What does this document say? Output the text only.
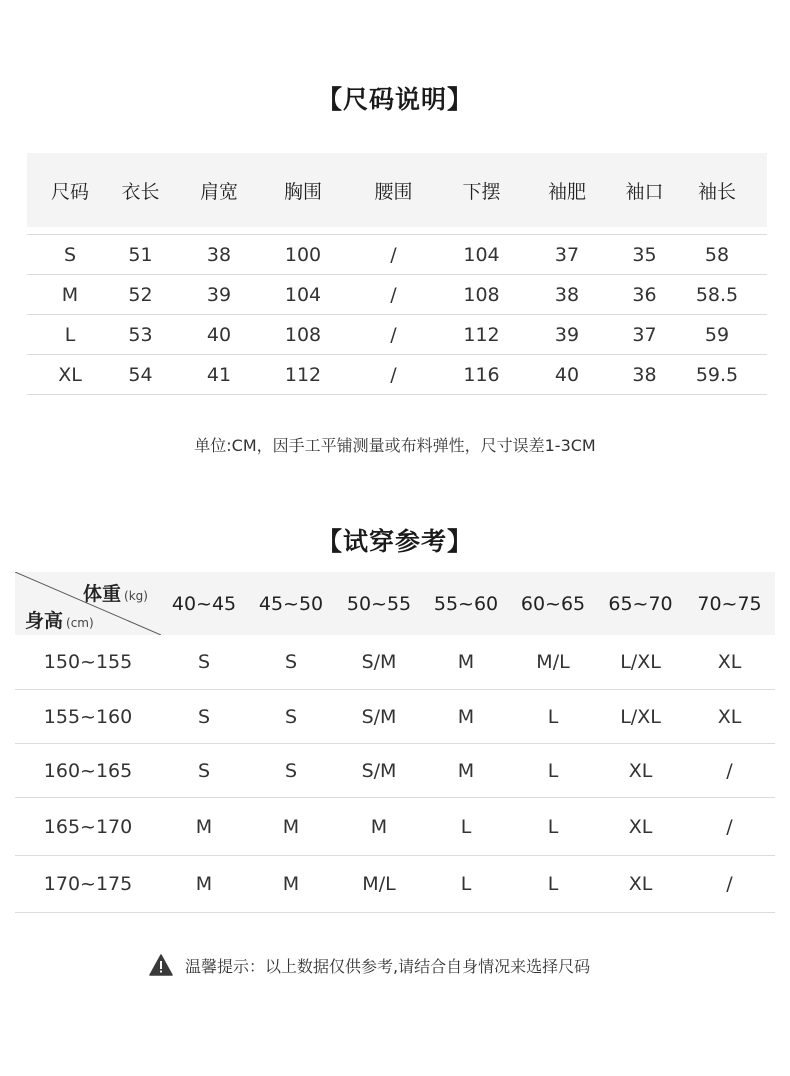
【尺码说明】
尺码	衣长	肩宽	胸围	腰围	下摆	袖肥	袖口	袖长
S	51	38	100	/	104	37	35	58
M	52	39	104	/	108	38	36	58.5
L	53	40	108	/	112	39	37	59
XL	54	41	112	/	116	40	38	59.5
单位:CM，因手工平铺测量或布料弹性，尺寸误差1-3CM
【试穿参考】
体重 (kg)
身高 (cm)
40~45	45~50	50~55	55~60	60~65	65~70	70~75
150~155	S	S	S/M	M	M/L	L/XL	XL
155~160	S	S	S/M	M	L	L/XL	XL
160~165	S	S	S/M	M	L	XL	/
165~170	M	M	M	L	L	XL	/
170~175	M	M	M/L	L	L	XL	/
温馨提示：以上数据仅供参考,请结合自身情况来选择尺码
